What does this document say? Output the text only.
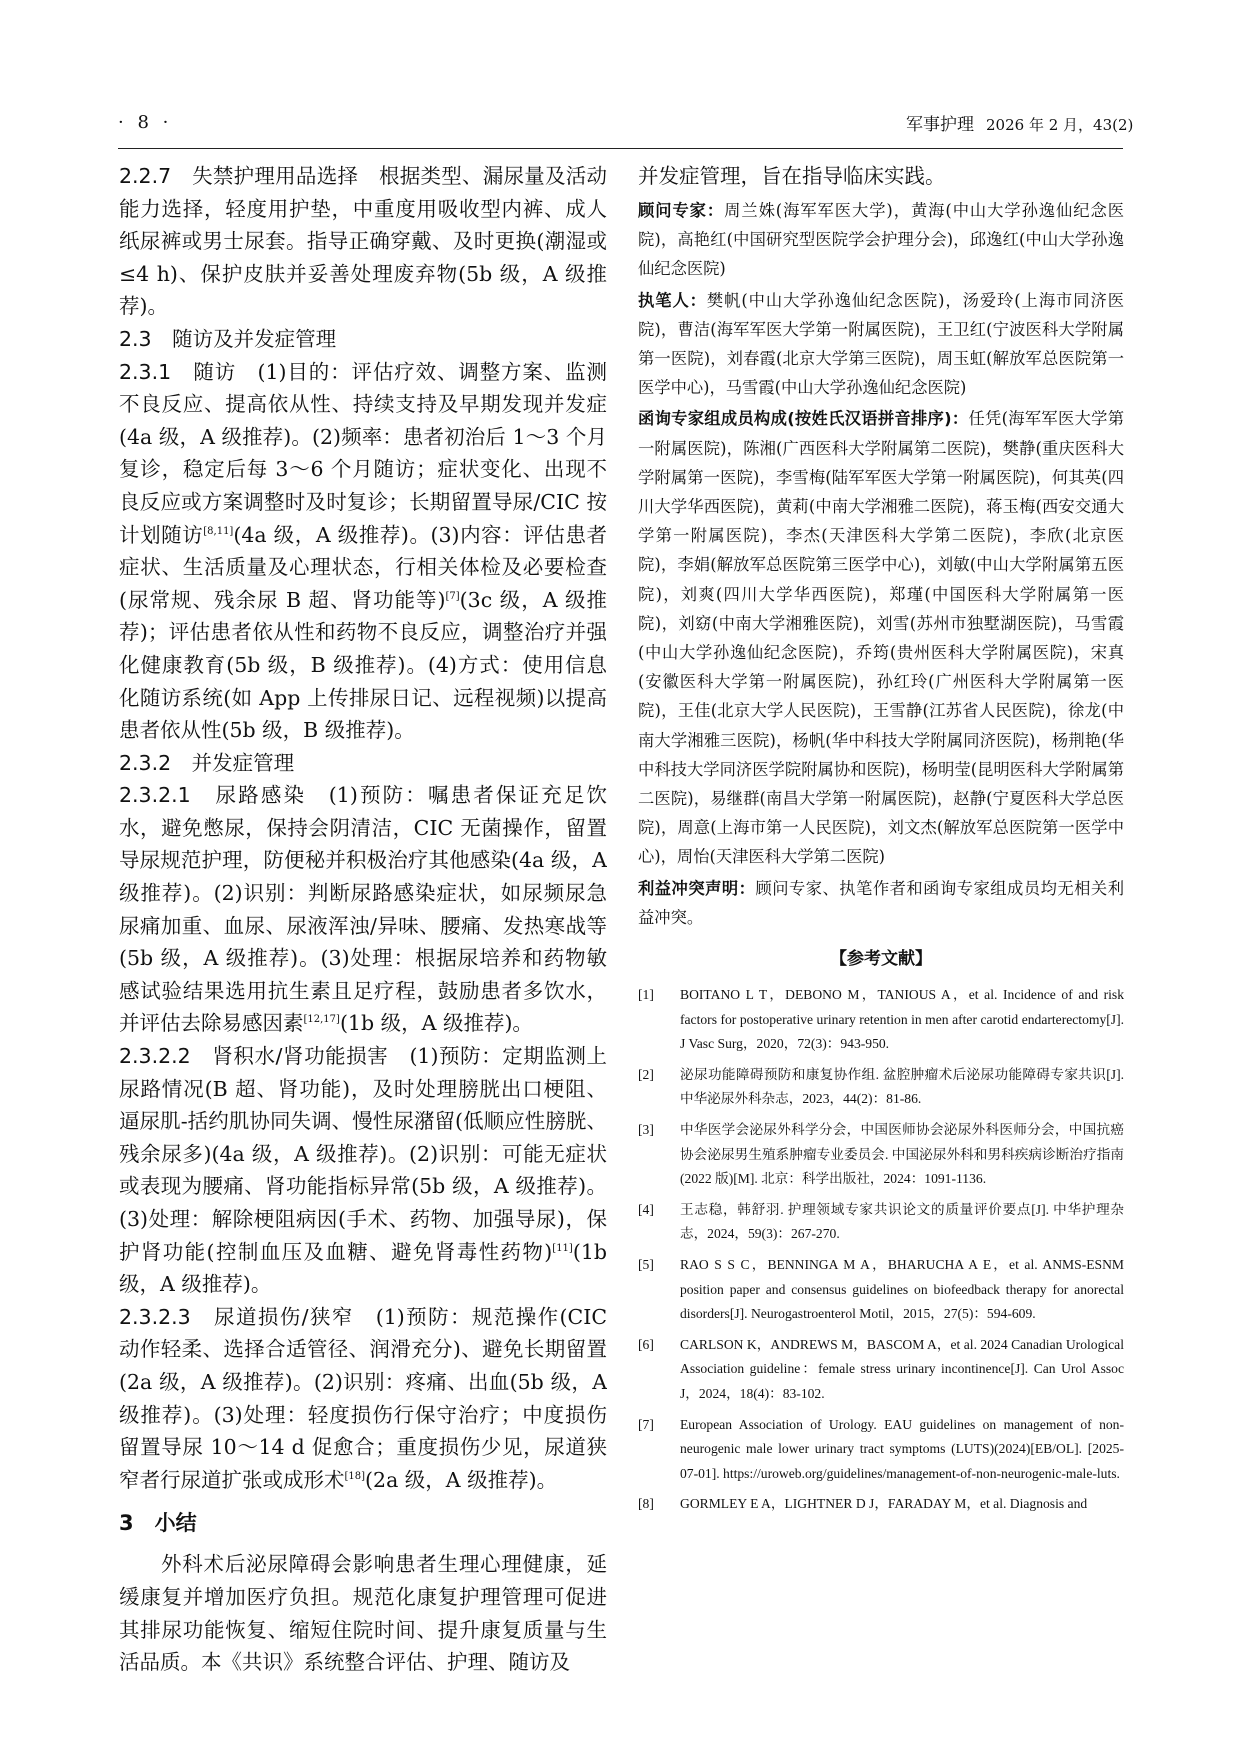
· 8 ·	军事护理 2026 年 2 月，43(2)

2.2.7　失禁护理用品选择　 根据类型、漏尿量及活动能力选择，轻度用护垫，中重度用吸收型内裤、成人纸尿裤或男士尿套。指导正确穿戴、及时更换(潮湿或≤4 h)、保护皮肤并妥善处理废弃物(5b 级，A 级推荐)。

2.3　随访及并发症管理

2.3.1　随访　 (1)目的：评估疗效、调整方案、监测不良反应、提高依从性、持续支持及早期发现并发症(4a 级，A 级推荐)。(2)频率：患者初治后 1～3 个月复诊，稳定后每 3～6 个月随访；症状变化、出现不良反应或方案调整时及时复诊；长期留置导尿/CIC 按计划随访[8,11](4a 级，A 级推荐)。(3)内容：评估患者症状、生活质量及心理状态，行相关体检及必要检查(尿常规、残余尿 B 超、肾功能等)[7](3c 级，A 级推荐)；评估患者依从性和药物不良反应，调整治疗并强化健康教育(5b 级，B 级推荐)。(4)方式：使用信息化随访系统(如 App 上传排尿日记、远程视频)以提高患者依从性(5b 级，B 级推荐)。

2.3.2　并发症管理

2.3.2.1　尿路感染　 (1)预防：嘱患者保证充足饮水，避免憋尿，保持会阴清洁，CIC 无菌操作，留置导尿规范护理，防便秘并积极治疗其他感染(4a 级，A 级推荐)。(2)识别：判断尿路感染症状，如尿频尿急尿痛加重、血尿、尿液浑浊/异味、腰痛、发热寒战等(5b 级，A 级推荐)。(3)处理：根据尿培养和药物敏感试验结果选用抗生素且足疗程，鼓励患者多饮水，并评估去除易感因素[12,17](1b 级，A 级推荐)。

2.3.2.2　肾积水/肾功能损害　 (1)预防：定期监测上尿路情况(B 超、肾功能)，及时处理膀胱出口梗阻、逼尿肌-括约肌协同失调、慢性尿潴留(低顺应性膀胱、残余尿多)(4a 级，A 级推荐)。(2)识别：可能无症状或表现为腰痛、肾功能指标异常(5b 级，A 级推荐)。(3)处理：解除梗阻病因(手术、药物、加强导尿)，保护肾功能(控制血压及血糖、避免肾毒性药物)[11](1b 级，A 级推荐)。

2.3.2.3　尿道损伤/狭窄　 (1)预防：规范操作(CIC 动作轻柔、选择合适管径、润滑充分)、避免长期留置(2a 级，A 级推荐)。(2)识别：疼痛、出血(5b 级，A 级推荐)。(3)处理：轻度损伤行保守治疗；中度损伤留置导尿 10～14 d 促愈合；重度损伤少见，尿道狭窄者行尿道扩张或成形术[18](2a 级，A 级推荐)。

3　小结

外科术后泌尿障碍会影响患者生理心理健康，延缓康复并增加医疗负担。规范化康复护理管理可促进其排尿功能恢复、缩短住院时间、提升康复质量与生活品质。本《共识》系统整合评估、护理、随访及

并发症管理，旨在指导临床实践。

顾问专家：周兰姝(海军军医大学)，黄海(中山大学孙逸仙纪念医院)，高艳红(中国研究型医院学会护理分会)，邱逸红(中山大学孙逸仙纪念医院)

执笔人：樊帆(中山大学孙逸仙纪念医院)，汤爱玲(上海市同济医院)，曹洁(海军军医大学第一附属医院)，王卫红(宁波医科大学附属第一医院)，刘春霞(北京大学第三医院)，周玉虹(解放军总医院第一医学中心)，马雪霞(中山大学孙逸仙纪念医院)

函询专家组成员构成(按姓氏汉语拼音排序)：任凭(海军军医大学第一附属医院)，陈湘(广西医科大学附属第二医院)，樊静(重庆医科大学附属第一医院)，李雪梅(陆军军医大学第一附属医院)，何其英(四川大学华西医院)，黄莉(中南大学湘雅二医院)，蒋玉梅(西安交通大学第一附属医院)，李杰(天津医科大学第二医院)，李欣(北京医院)，李娟(解放军总医院第三医学中心)，刘敏(中山大学附属第五医院)，刘爽(四川大学华西医院)，郑瑾(中国医科大学附属第一医院)，刘窈(中南大学湘雅医院)，刘雪(苏州市独墅湖医院)，马雪霞(中山大学孙逸仙纪念医院)，乔筠(贵州医科大学附属医院)，宋真(安徽医科大学第一附属医院)，孙红玲(广州医科大学附属第一医院)，王佳(北京大学人民医院)，王雪静(江苏省人民医院)，徐龙(中南大学湘雅三医院)，杨帆(华中科技大学附属同济医院)，杨荆艳(华中科技大学同济医学院附属协和医院)，杨明莹(昆明医科大学附属第二医院)，易继群(南昌大学第一附属医院)，赵静(宁夏医科大学总医院)，周意(上海市第一人民医院)，刘文杰(解放军总医院第一医学中心)，周怡(天津医科大学第二医院)

利益冲突声明：顾问专家、执笔作者和函询专家组成员均无相关利益冲突。

【参考文献】
[1]	BOITANO L T，DEBONO M，TANIOUS A，et al. Incidence of and risk factors for postoperative urinary retention in men after carotid endarterectomy[J]. J Vasc Surg，2020，72(3)：943-950.
[2]	泌尿功能障碍预防和康复协作组. 盆腔肿瘤术后泌尿功能障碍专家共识[J]. 中华泌尿外科杂志，2023，44(2)：81-86.
[3]	中华医学会泌尿外科学分会，中国医师协会泌尿外科医师分会，中国抗癌协会泌尿男生殖系肿瘤专业委员会. 中国泌尿外科和男科疾病诊断治疗指南(2022 版)[M]. 北京：科学出版社，2024：1091-1136.
[4]	王志稳，韩舒羽. 护理领域专家共识论文的质量评价要点[J]. 中华护理杂志，2024，59(3)：267-270.
[5]	RAO S S C，BENNINGA M A，BHARUCHA A E，et al. ANMS-ESNM position paper and consensus guidelines on biofeedback therapy for anorectal disorders[J]. Neurogastroenterol Motil，2015，27(5)：594-609.
[6]	CARLSON K，ANDREWS M，BASCOM A，et al. 2024 Canadian Urological Association guideline：female stress urinary incontinence[J]. Can Urol Assoc J，2024，18(4)：83-102.
[7]	European Association of Urology. EAU guidelines on management of non-neurogenic male lower urinary tract symptoms (LUTS)(2024)[EB/OL]. [2025-07-01]. https://uroweb.org/guidelines/management-of-non-neurogenic-male-luts.
[8]	GORMLEY E A，LIGHTNER D J，FARADAY M，et al. Diagnosis and
